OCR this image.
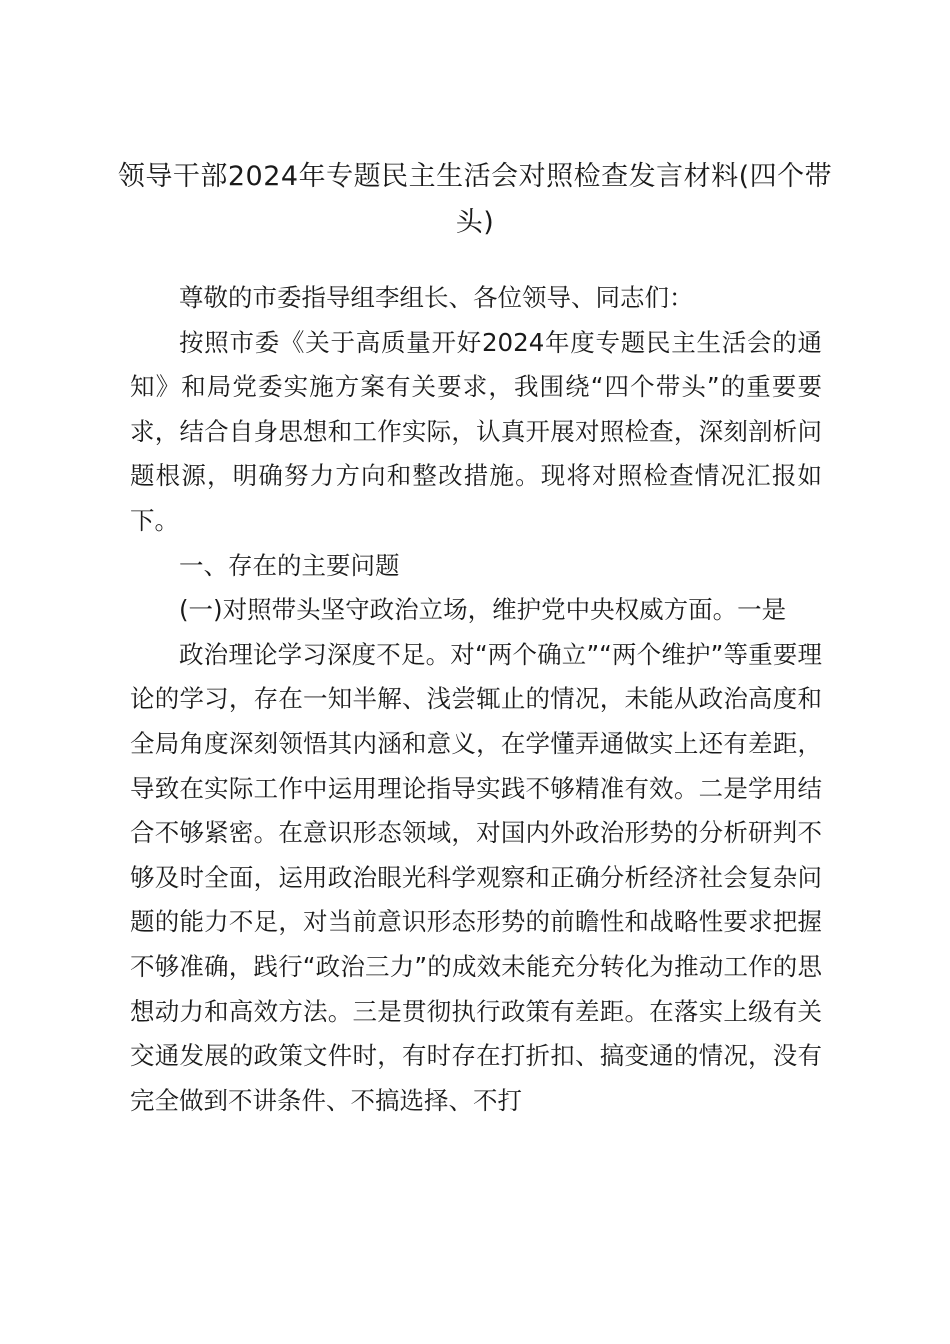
领导干部2024年专题民主生活会对照检查发言材料(四个带头)

尊敬的市委指导组李组长、各位领导、同志们：

按照市委《关于高质量开好2024年度专题民主生活会的通知》和局党委实施方案有关要求，我围绕“四个带头”的重要要求，结合自身思想和工作实际，认真开展对照检查，深刻剖析问题根源，明确努力方向和整改措施。现将对照检查情况汇报如下。

一、存在的主要问题

(一)对照带头坚守政治立场，维护党中央权威方面。一是

政治理论学习深度不足。对“两个确立”“两个维护”等重要理论的学习，存在一知半解、浅尝辄止的情况，未能从政治高度和全局角度深刻领悟其内涵和意义，在学懂弄通做实上还有差距，导致在实际工作中运用理论指导实践不够精准有效。二是学用结合不够紧密。在意识形态领域，对国内外政治形势的分析研判不够及时全面，运用政治眼光科学观察和正确分析经济社会复杂问题的能力不足，对当前意识形态形势的前瞻性和战略性要求把握不够准确，践行“政治三力”的成效未能充分转化为推动工作的思想动力和高效方法。三是贯彻执行政策有差距。在落实上级有关交通发展的政策文件时，有时存在打折扣、搞变通的情况，没有完全做到不讲条件、不搞选择、不打
